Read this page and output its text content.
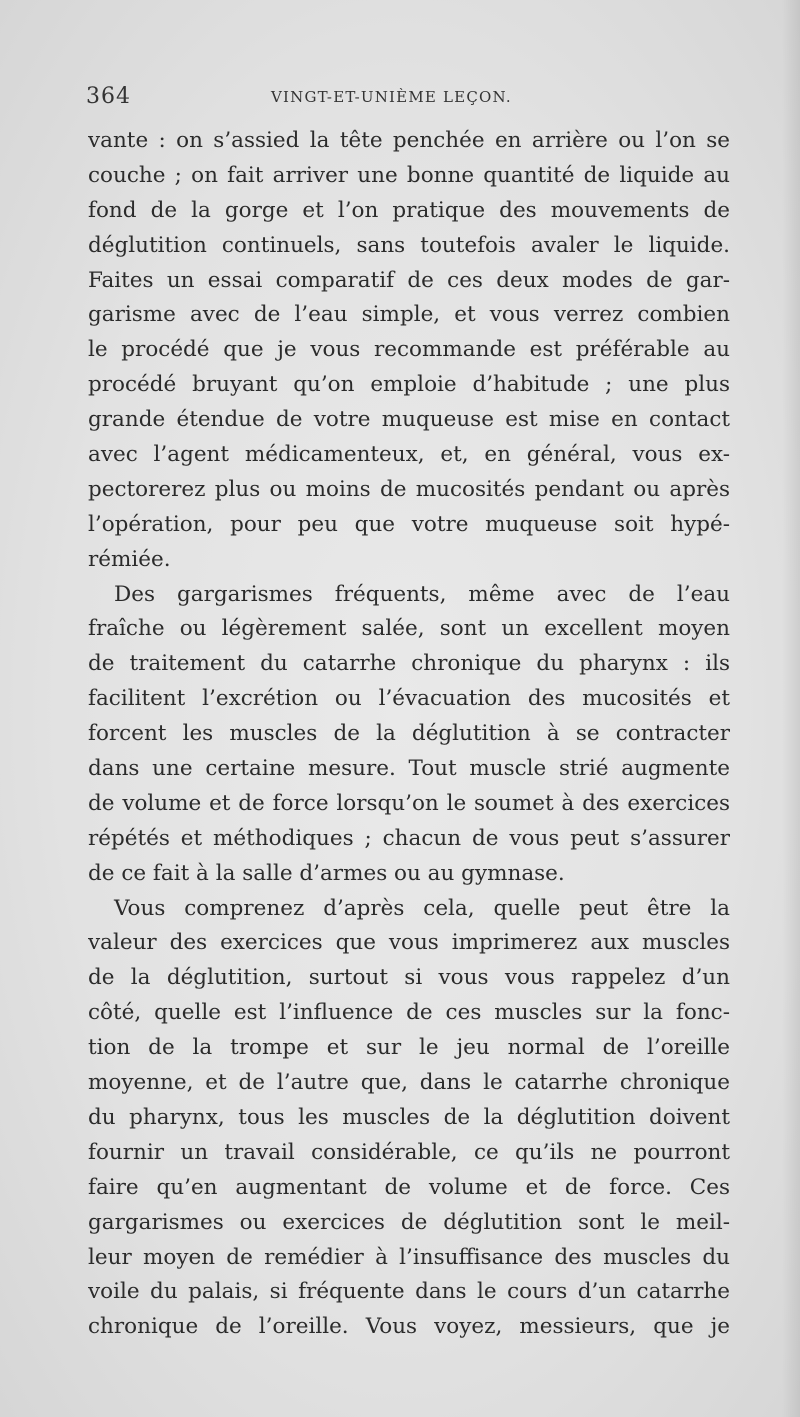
364	VINGT-ET-UNIÈME LEÇON.
vante : on s’assied la tête penchée en arrière ou l’on se
couche ; on fait arriver une bonne quantité de liquide au
fond de la gorge et l’on pratique des mouvements de
déglutition continuels, sans toutefois avaler le liquide.
Faites un essai comparatif de ces deux modes de gar-
garisme avec de l’eau simple, et vous verrez combien
le procédé que je vous recommande est préférable au
procédé bruyant qu’on emploie d’habitude ; une plus
grande étendue de votre muqueuse est mise en contact
avec l’agent médicamenteux, et, en général, vous ex-
pectorerez plus ou moins de mucosités pendant ou après
l’opération, pour peu que votre muqueuse soit hypé-
rémiée.
Des gargarismes fréquents, même avec de l’eau
fraîche ou légèrement salée, sont un excellent moyen
de traitement du catarrhe chronique du pharynx : ils
facilitent l’excrétion ou l’évacuation des mucosités et
forcent les muscles de la déglutition à se contracter
dans une certaine mesure. Tout muscle strié augmente
de volume et de force lorsqu’on le soumet à des exercices
répétés et méthodiques ; chacun de vous peut s’assurer
de ce fait à la salle d’armes ou au gymnase.
Vous comprenez d’après cela, quelle peut être la
valeur des exercices que vous imprimerez aux muscles
de la déglutition, surtout si vous vous rappelez d’un
côté, quelle est l’influence de ces muscles sur la fonc-
tion de la trompe et sur le jeu normal de l’oreille
moyenne, et de l’autre que, dans le catarrhe chronique
du pharynx, tous les muscles de la déglutition doivent
fournir un travail considérable, ce qu’ils ne pourront
faire qu’en augmentant de volume et de force. Ces
gargarismes ou exercices de déglutition sont le meil-
leur moyen de remédier à l’insuffisance des muscles du
voile du palais, si fréquente dans le cours d’un catarrhe
chronique de l’oreille. Vous voyez, messieurs, que je
